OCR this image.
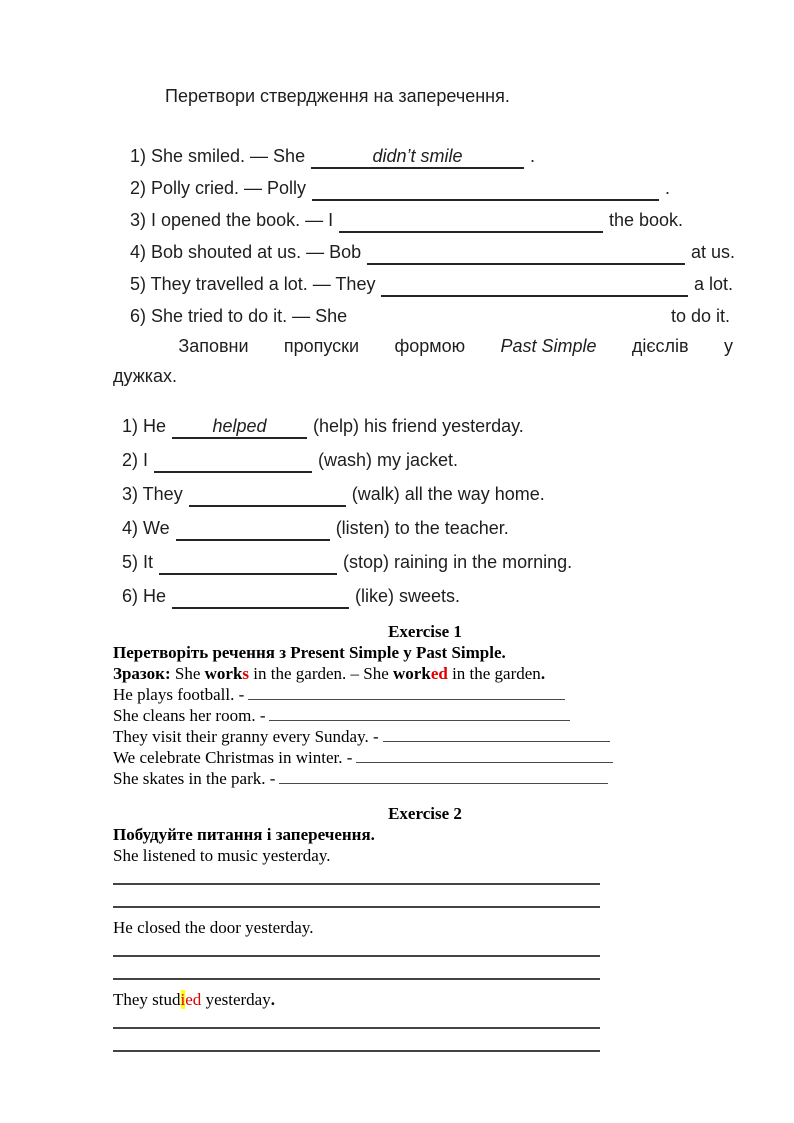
Перетвори ствердження на заперечення.
1) She smiled. — She	didn’t smile	.
2) Polly cried. — Polly
	.
3) I opened the book. — I
	the book.
4) Bob shouted at us. — Bob
	at us.
5) They travelled a lot. — They
	a lot.
6) She tried to do it. — She
	to do it.
Заповни пропуски формою Past Simple дієслів у
дужках.
1) He	helped	(help) his friend yesterday.
2) I
	(wash) my jacket.
3) They
	(walk) all the way home.
4) We
	(listen) to the teacher.
5) It
	(stop) raining in the morning.
6) He
	(like) sweets.
Exercise 1
Перетворіть речення з Present Simple у Past Simple.
Зразок: She works in the garden. – She worked in the garden.
He plays football. -
She cleans her room. -
They visit their granny every Sunday. -
We celebrate Christmas in winter. -
She skates in the park. -
Exercise 2
Побудуйте питання і заперечення.
She listened to music yesterday.
He closed the door yesterday.
They studied yesterday.
